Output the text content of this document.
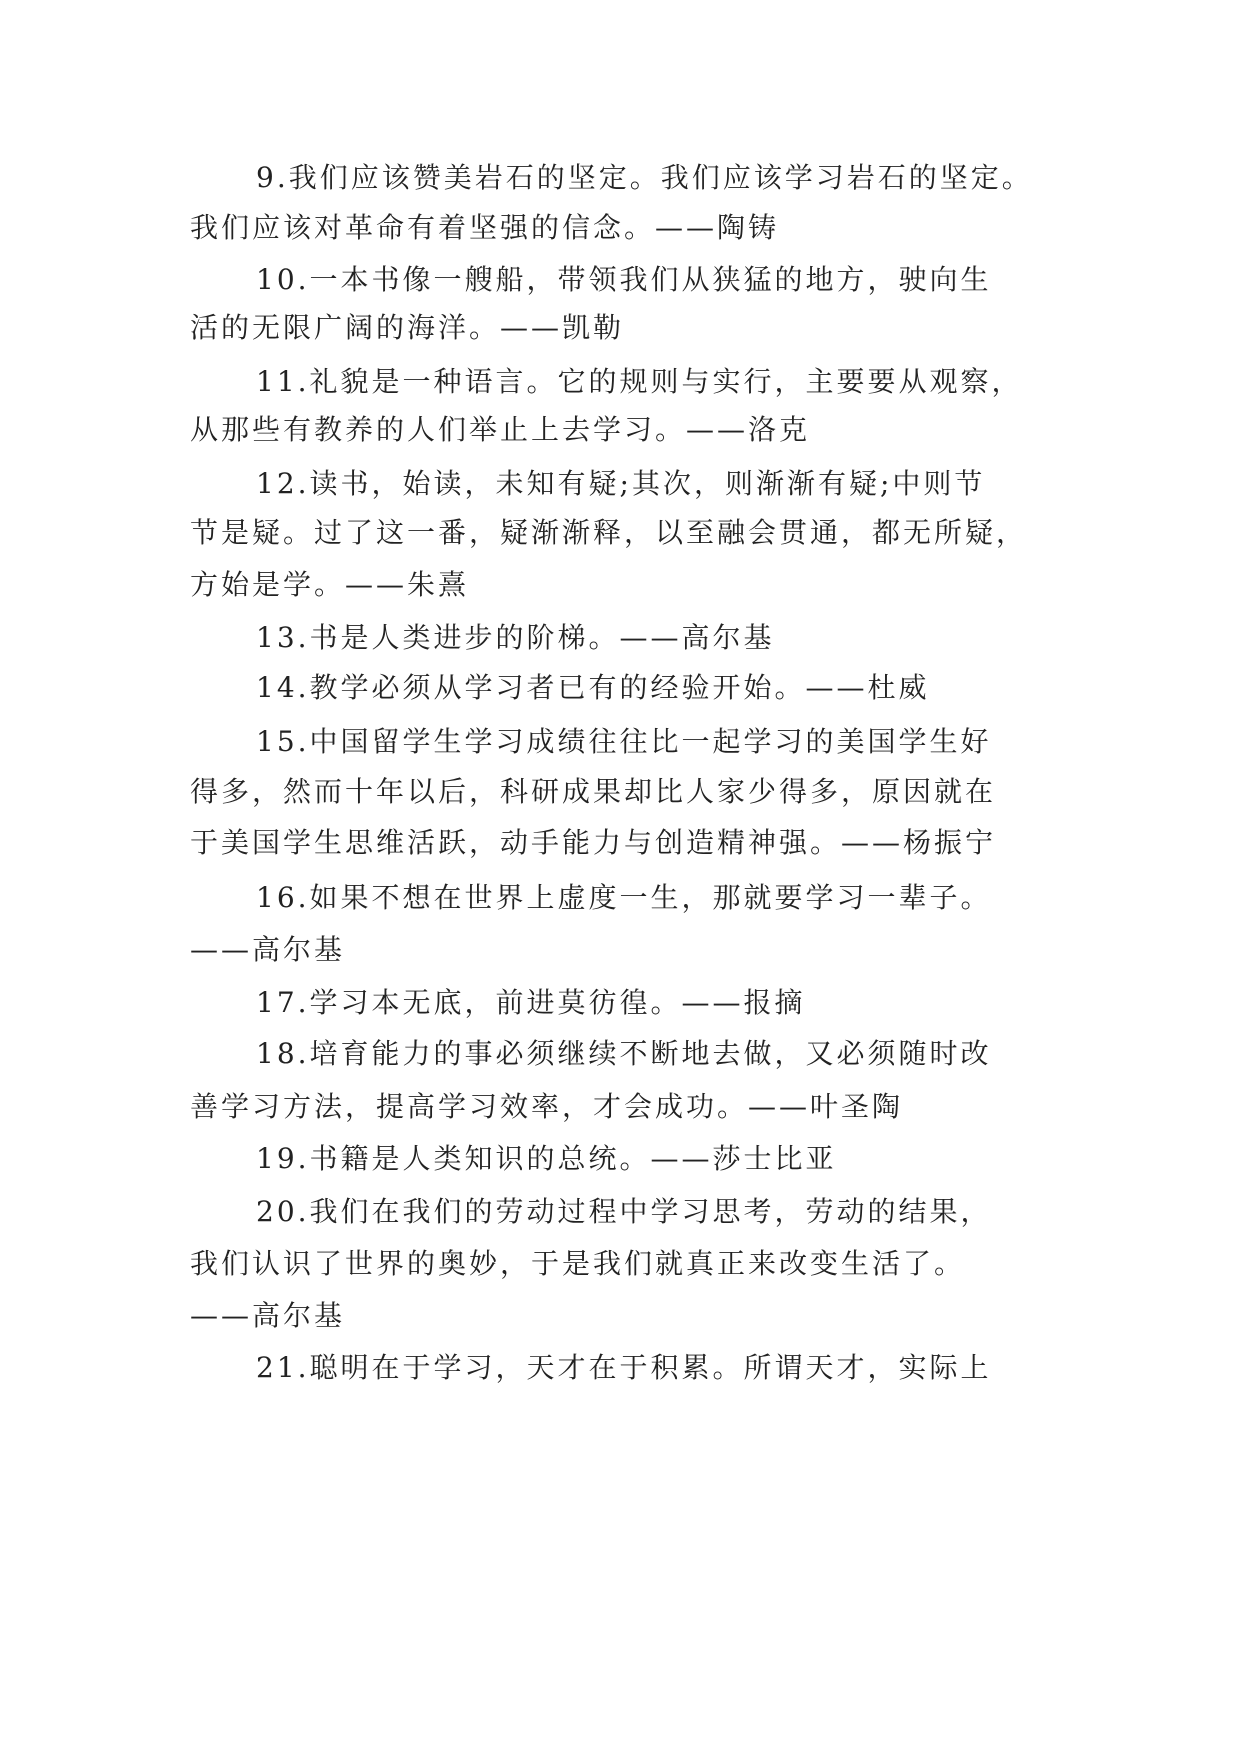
9.我们应该赞美岩石的坚定。我们应该学习岩石的坚定。
我们应该对革命有着坚强的信念。——陶铸
10.一本书像一艘船，带领我们从狭猛的地方，驶向生
活的无限广阔的海洋。——凯勒
11.礼貌是一种语言。它的规则与实行，主要要从观察，
从那些有教养的人们举止上去学习。——洛克
12.读书，始读，未知有疑;其次，则渐渐有疑;中则节
节是疑。过了这一番，疑渐渐释，以至融会贯通，都无所疑，
方始是学。——朱熹
13.书是人类进步的阶梯。——高尔基
14.教学必须从学习者已有的经验开始。——杜威
15.中国留学生学习成绩往往比一起学习的美国学生好
得多，然而十年以后，科研成果却比人家少得多，原因就在
于美国学生思维活跃，动手能力与创造精神强。——杨振宁
16.如果不想在世界上虚度一生，那就要学习一辈子。
——高尔基
17.学习本无底，前进莫彷徨。——报摘
18.培育能力的事必须继续不断地去做，又必须随时改
善学习方法，提高学习效率，才会成功。——叶圣陶
19.书籍是人类知识的总统。——莎士比亚
20.我们在我们的劳动过程中学习思考，劳动的结果，
我们认识了世界的奥妙，于是我们就真正来改变生活了。
——高尔基
21.聪明在于学习，天才在于积累。所谓天才，实际上
